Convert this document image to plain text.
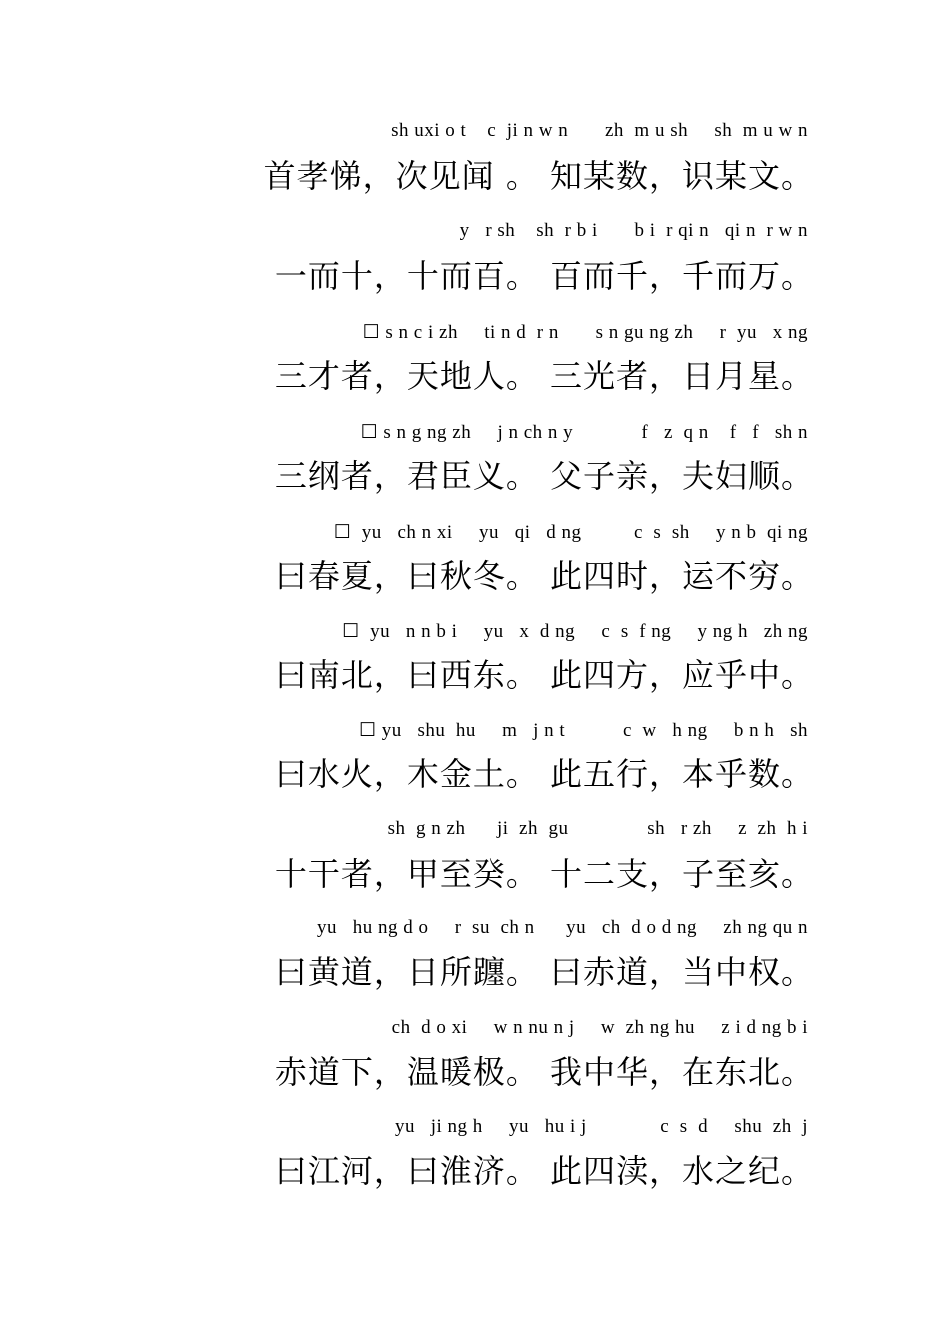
sh uxi o t    c  ji n w n       zh  m u sh     sh  m u w n
首孝悌，次见闻 。 知某数，识某文。
y   r sh    sh  r b i       b i  r qi n   qi n  r w n
一而十，十而百。 百而千，千而万。
☐ s n c i zh     ti n d  r n       s n gu ng zh     r  yu   x ng
三才者，天地人。 三光者，日月星。
☐ s n g ng zh     j n ch n y             f   z  q n    f   f   sh n
三纲者，君臣义。 父子亲，夫妇顺。
☐  yu   ch n xi     yu   qi   d ng          c  s  sh     y n b  qi ng
曰春夏，曰秋冬。 此四时，运不穷。
☐  yu   n n b i     yu   x  d ng     c  s  f ng     y ng h   zh ng
曰南北，曰西东。 此四方，应乎中。
☐ yu   shu  hu     m   j n t           c  w   h ng     b n h   sh
曰水火，木金土。 此五行，本乎数。
sh  g n zh      ji  zh  gu               sh   r zh     z  zh  h i
十干者，甲至癸。 十二支，子至亥。
yu   hu ng d o     r  su  ch n      yu   ch  d o d ng     zh ng qu n
曰黄道，日所躔。 曰赤道，当中权。
ch  d o xi     w n nu n j     w  zh ng hu     z i d ng b i
赤道下，温暖极。 我中华，在东北。
yu   ji ng h     yu   hu i j              c  s  d     shu  zh  j
曰江河，曰淮济。 此四渎，水之纪。
